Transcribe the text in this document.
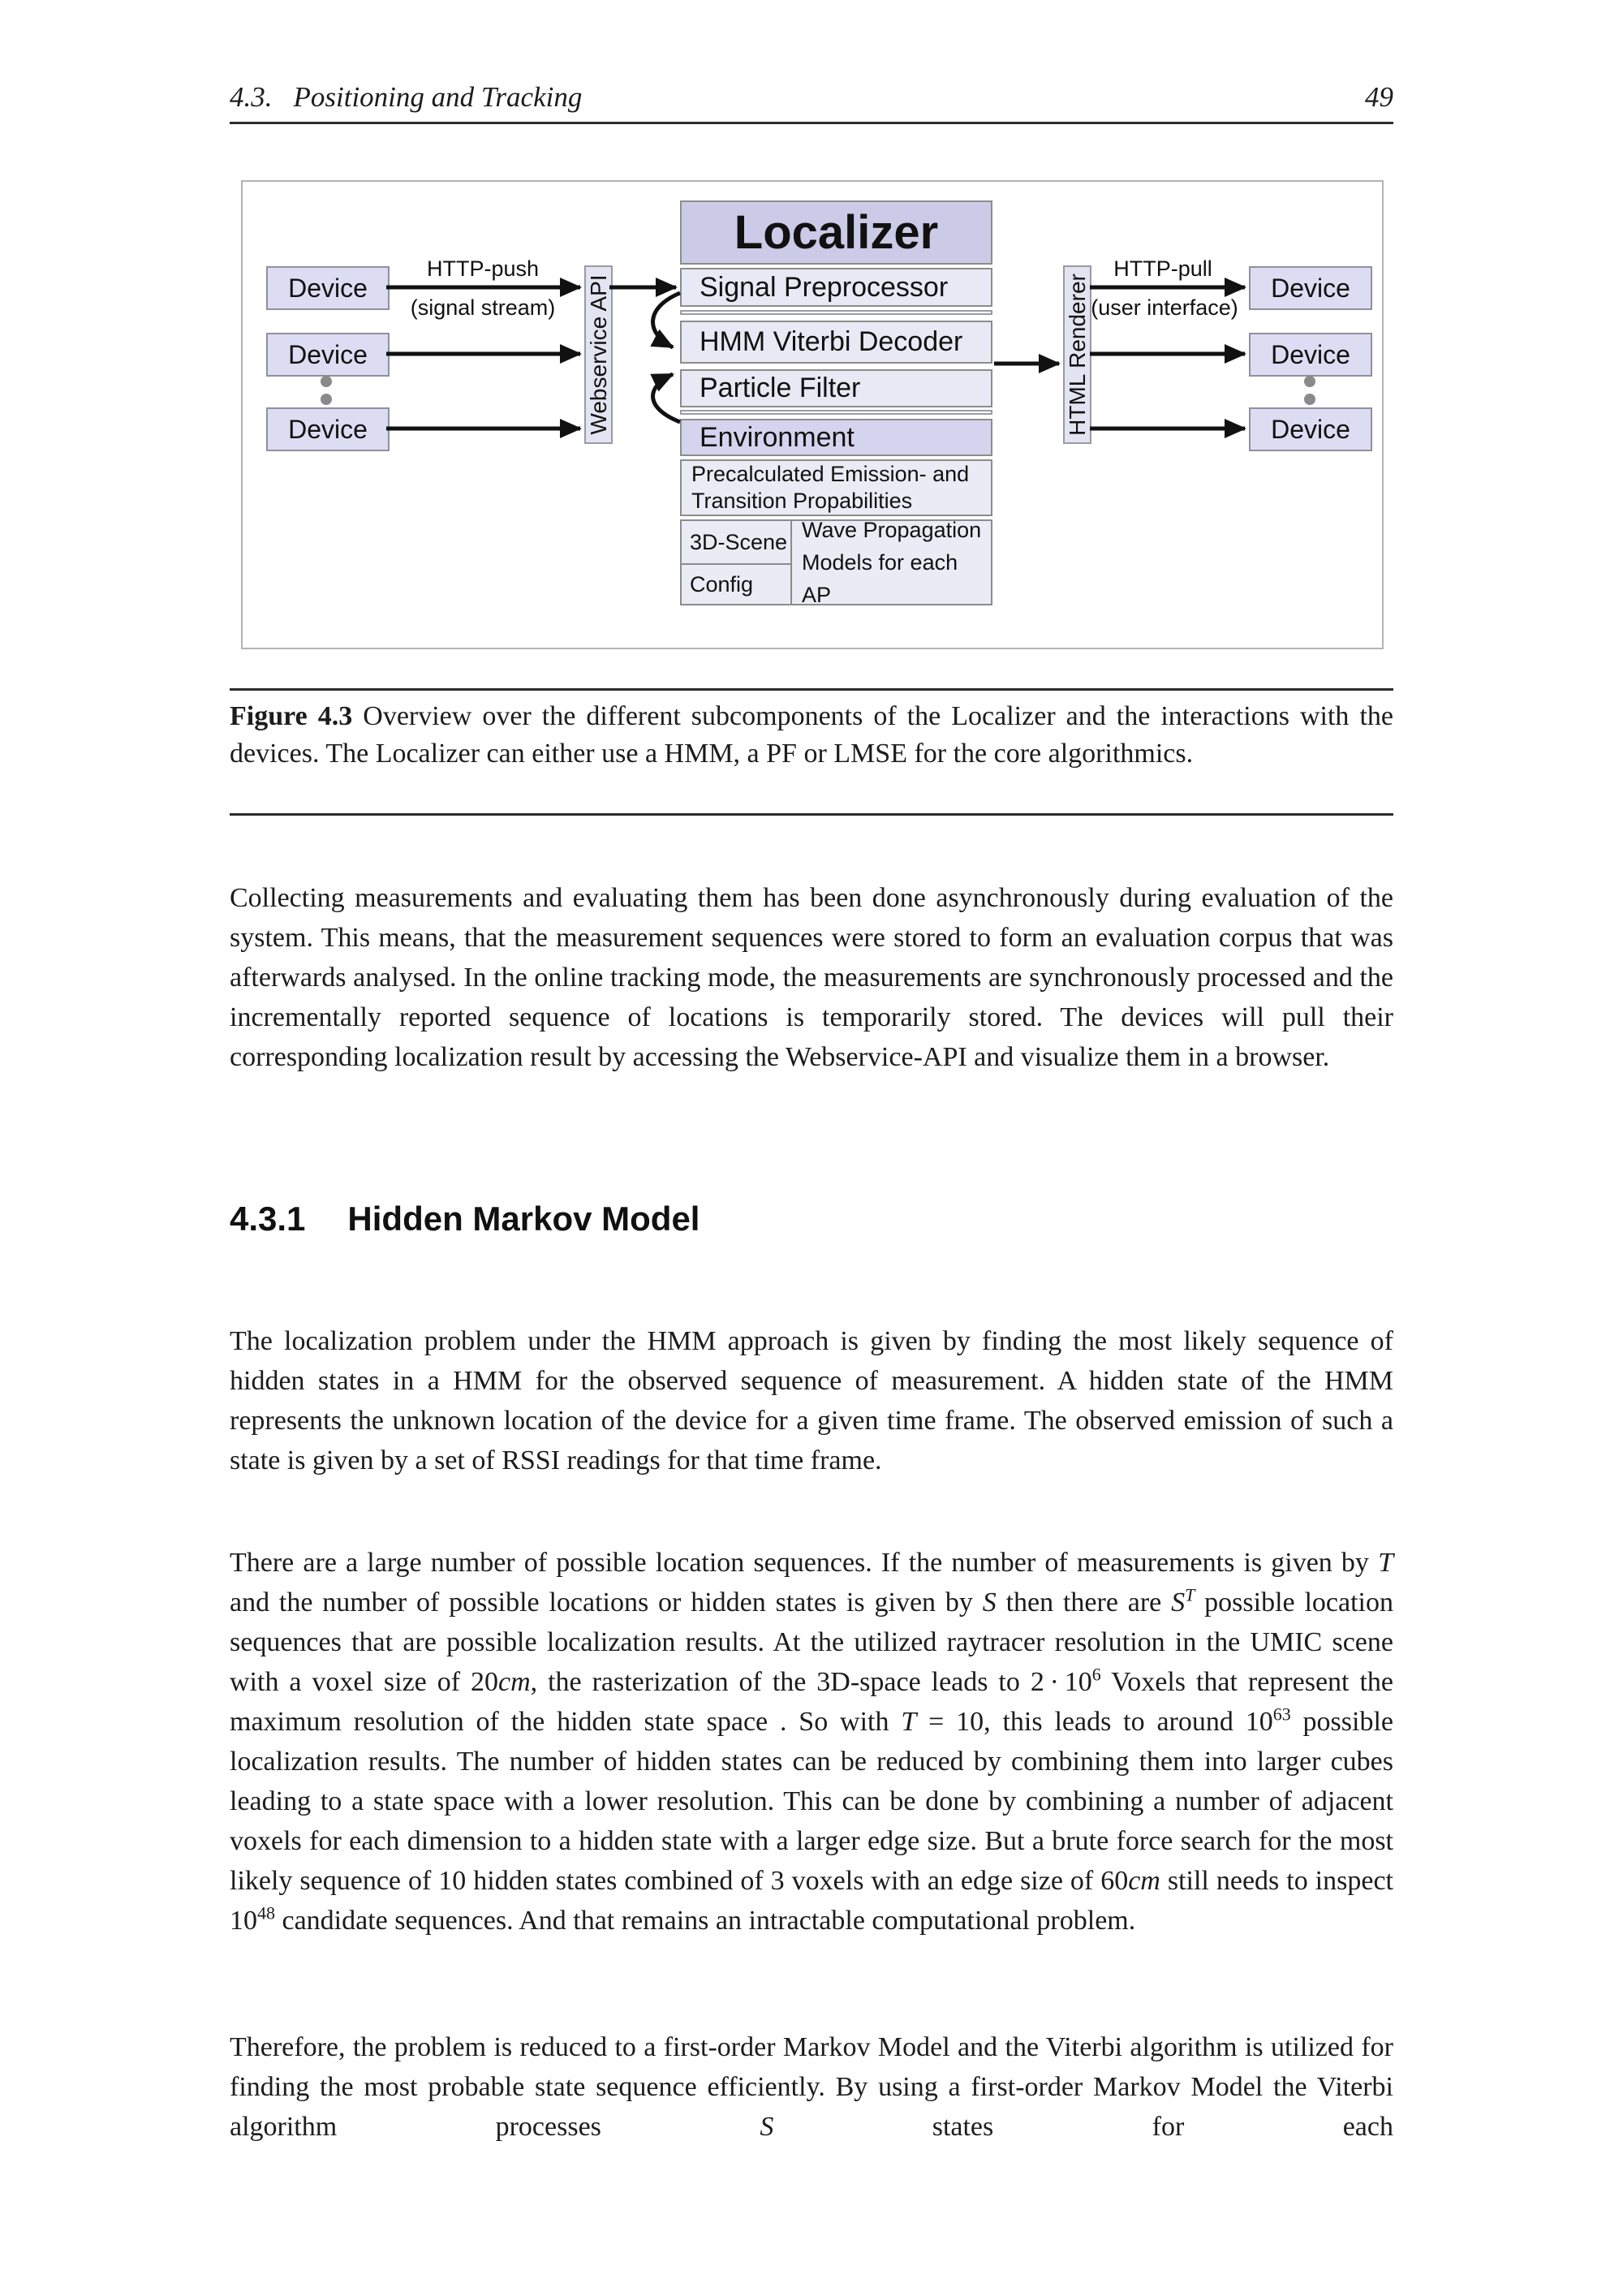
4.3. Positioning and Tracking	49
Device
Device
Device	Webservice API
Localizer
Signal Preprocessor
HMM Viterbi Decoder
Particle Filter
Environment
Precalculated Emission- and
Transition Propabilities
3D-Scene
Config
Wave Propagation
Models for each AP
HTML Renderer	Device
Device
Device
HTTP-push
(signal stream)
HTTP-pull
(user interface)
Figure 4.3 Overview over the different subcomponents of the Localizer and the interactions with the devices. The Localizer can either use a HMM, a PF or LMSE for the core algorithmics.
Collecting measurements and evaluating them has been done asynchronously during evaluation of the system. This means, that the measurement sequences were stored to form an evaluation corpus that was afterwards analysed. In the online tracking mode, the measurements are synchronously processed and the incrementally reported sequence of locations is temporarily stored. The devices will pull their corresponding localization result by accessing the Webservice-API and visualize them in a browser.
4.3.1 Hidden Markov Model
The localization problem under the HMM approach is given by finding the most likely sequence of hidden states in a HMM for the observed sequence of measurement. A hidden state of the HMM represents the unknown location of the device for a given time frame. The observed emission of such a state is given by a set of RSSI readings for that time frame.
There are a large number of possible location sequences. If the number of measurements is given by T and the number of possible locations or hidden states is given by S then there are $S^T$ possible location sequences that are possible localization results. At the utilized raytracer resolution in the UMIC scene with a voxel size of 20cm, the rasterization of the 3D-space leads to $2 \cdot 10^6$ Voxels that represent the maximum resolution of the hidden state space . So with T = 10, this leads to around $10^{63}$ possible localization results. The number of hidden states can be reduced by combining them into larger cubes leading to a state space with a lower resolution. This can be done by combining a number of adjacent voxels for each dimension to a hidden state with a larger edge size. But a brute force search for the most likely sequence of 10 hidden states combined of 3 voxels with an edge size of 60cm still needs to inspect $10^{48}$ candidate sequences. And that remains an intractable computational problem.
Therefore, the problem is reduced to a first-order Markov Model and the Viterbi algorithm is utilized for finding the most probable state sequence efficiently. By using a first-order Markov Model the Viterbi algorithm processes S states for each
